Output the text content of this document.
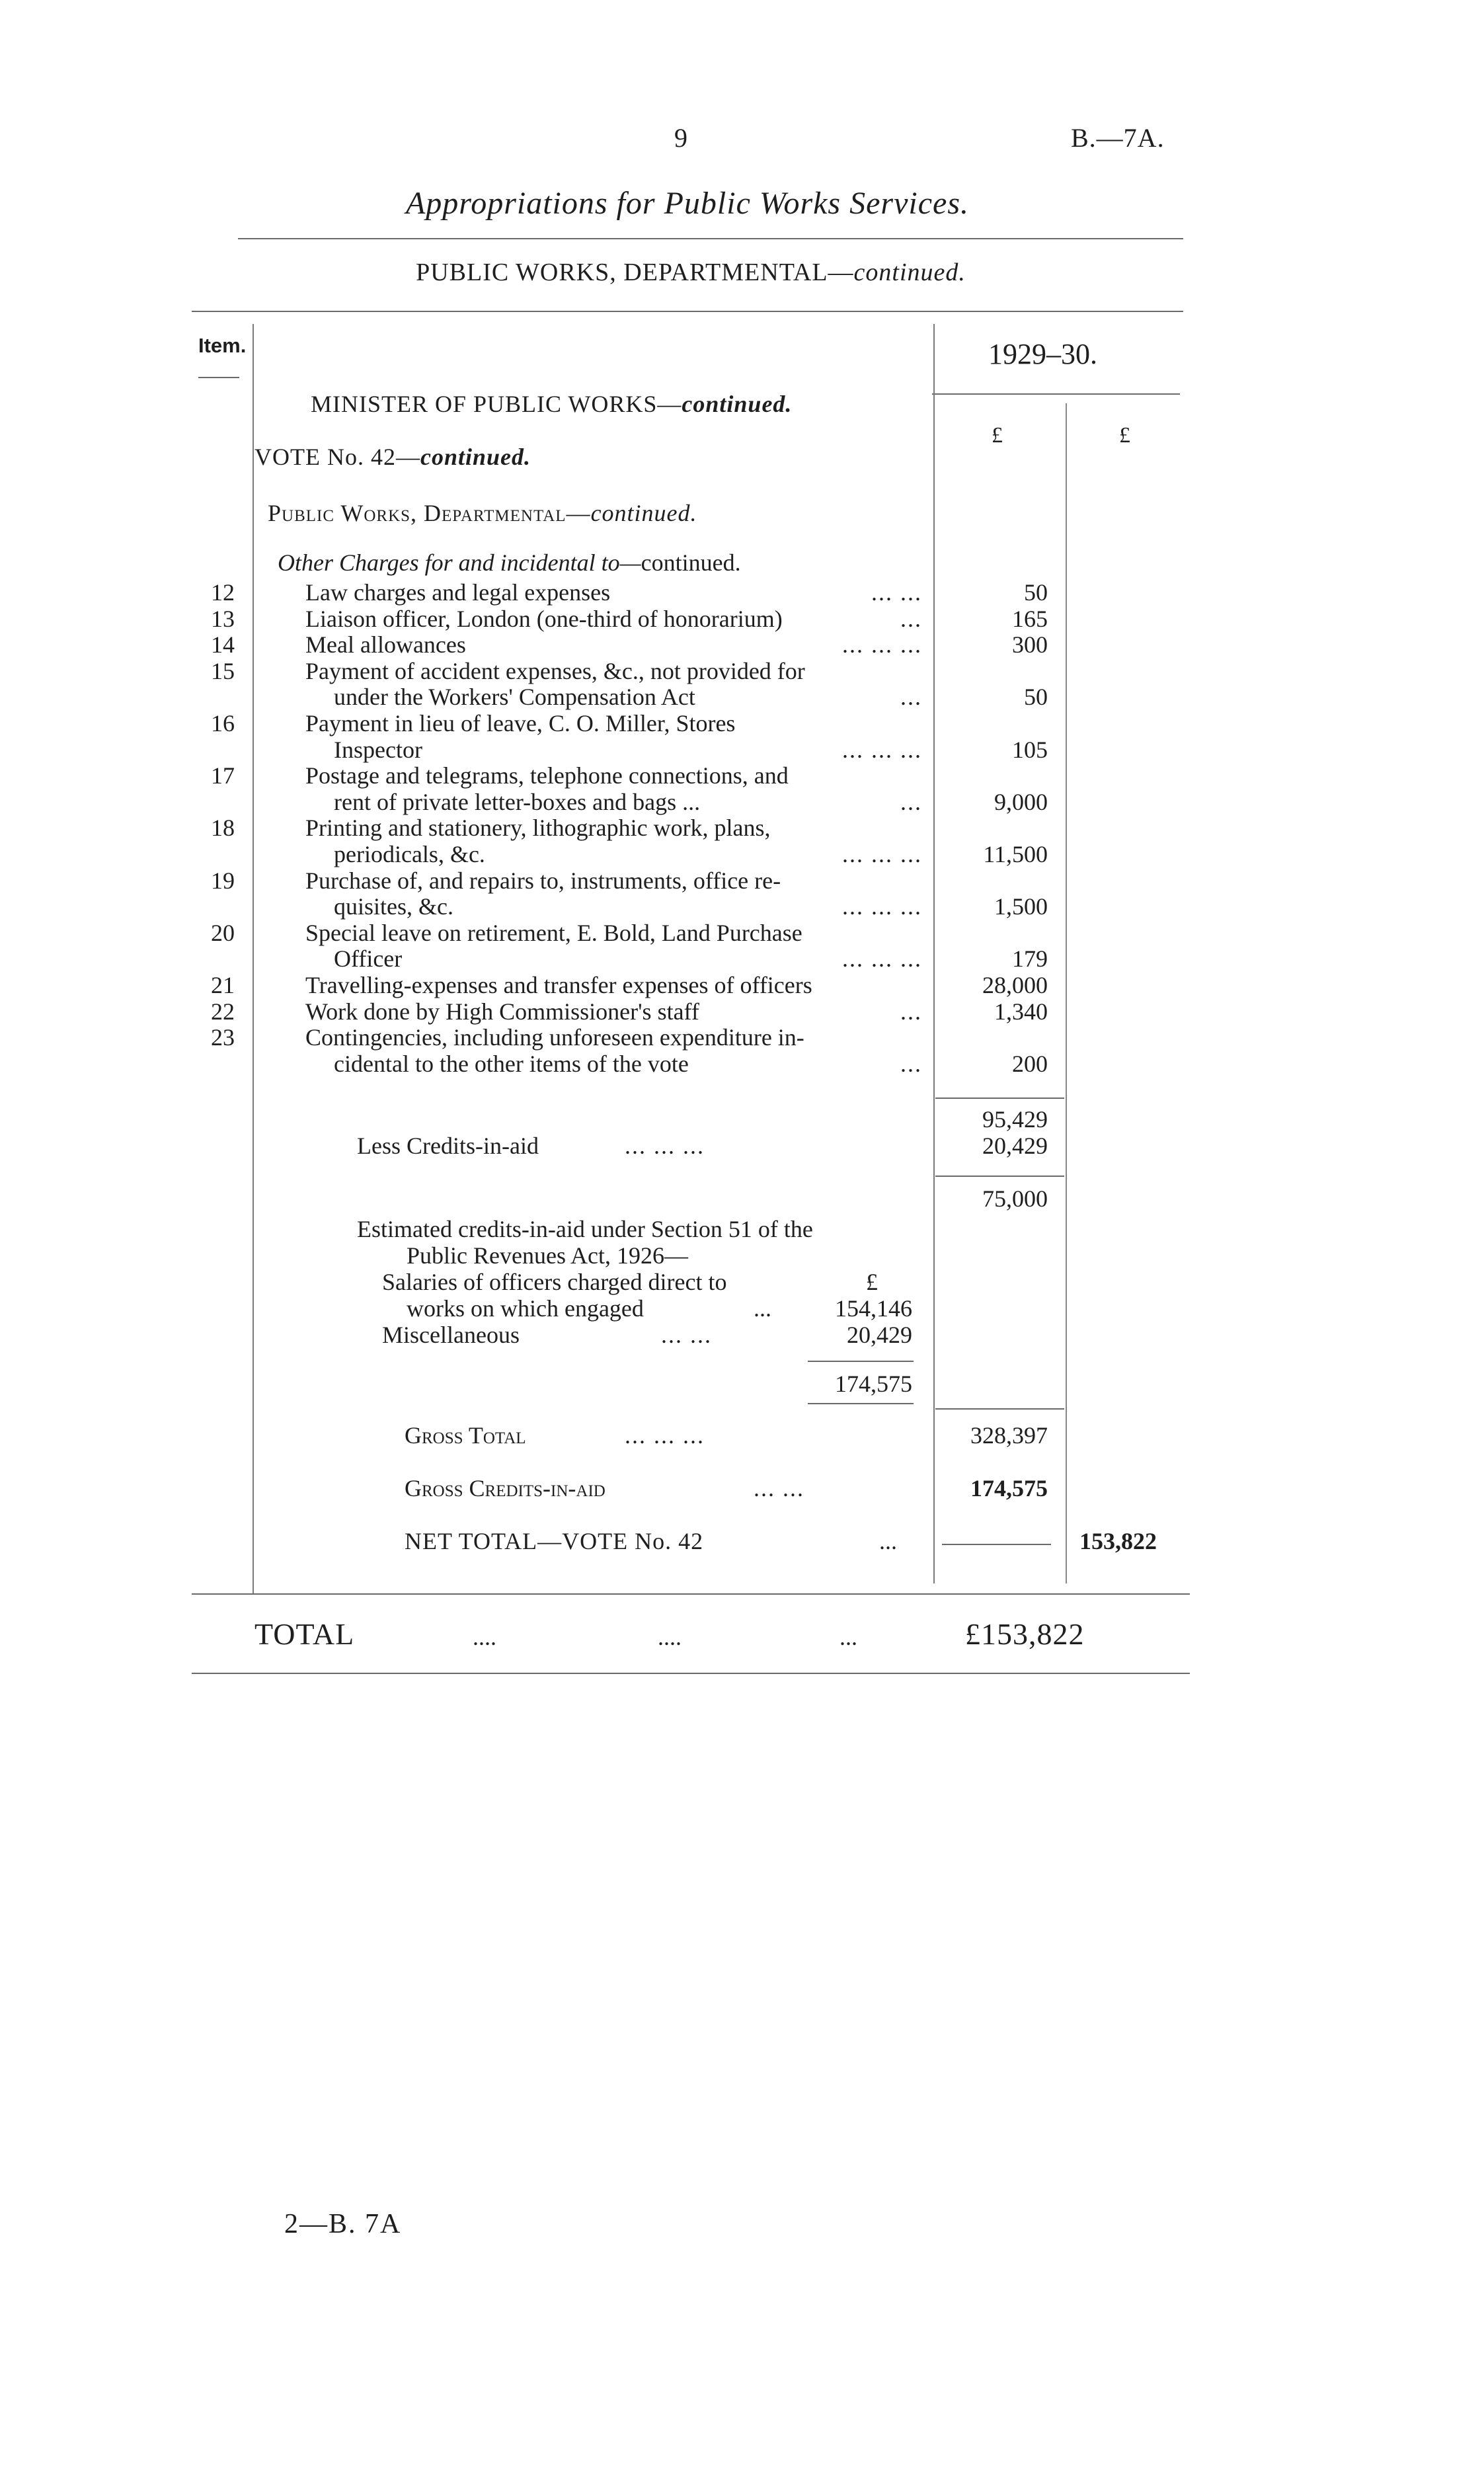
9	B.—7A.
Appropriations for Public Works Services.
PUBLIC WORKS, DEPARTMENTAL—continued.
Item.	1929–30.
£	£
MINISTER OF PUBLIC WORKS—continued.
VOTE No. 42—continued.
Public Works, Departmental—continued.
Other Charges for and incidental to—continued.
12	Law charges and legal expenses	... ...	50
13	Liaison officer, London (one-third of honorarium)	...	165
14	Meal allowances	... ... ...	300
15	Payment of accident expenses, &c., not provided for
under the Workers' Compensation Act	...	50
16	Payment in lieu of leave, C. O. Miller, Stores
Inspector	... ... ...	105
17	Postage and telegrams, telephone connections, and
rent of private letter-boxes and bags ...	...	9,000
18	Printing and stationery, lithographic work, plans,
periodicals, &c.	... ... ...	11,500
19	Purchase of, and repairs to, instruments, office re-
quisites, &c.	... ... ...	1,500
20	Special leave on retirement, E. Bold, Land Purchase
Officer	... ... ...	179
21	Travelling-expenses and transfer expenses of officers	28,000
22	Work done by High Commissioner's staff	...	1,340
23	Contingencies, including unforeseen expenditure in-
cidental to the other items of the vote	...	200
95,429
Less Credits-in-aid	... ... ...	20,429
75,000
Estimated credits-in-aid under Section 51 of the
Public Revenues Act, 1926—
£
Salaries of officers charged direct to
works on which engaged	...	154,146
Miscellaneous	... ...	20,429
174,575
Gross Total	... ... ...	328,397
Gross Credits-in-aid	... ...	174,575
NET TOTAL—VOTE No. 42	...	153,822
TOTAL	....	....	...	£153,822
2—B. 7A
